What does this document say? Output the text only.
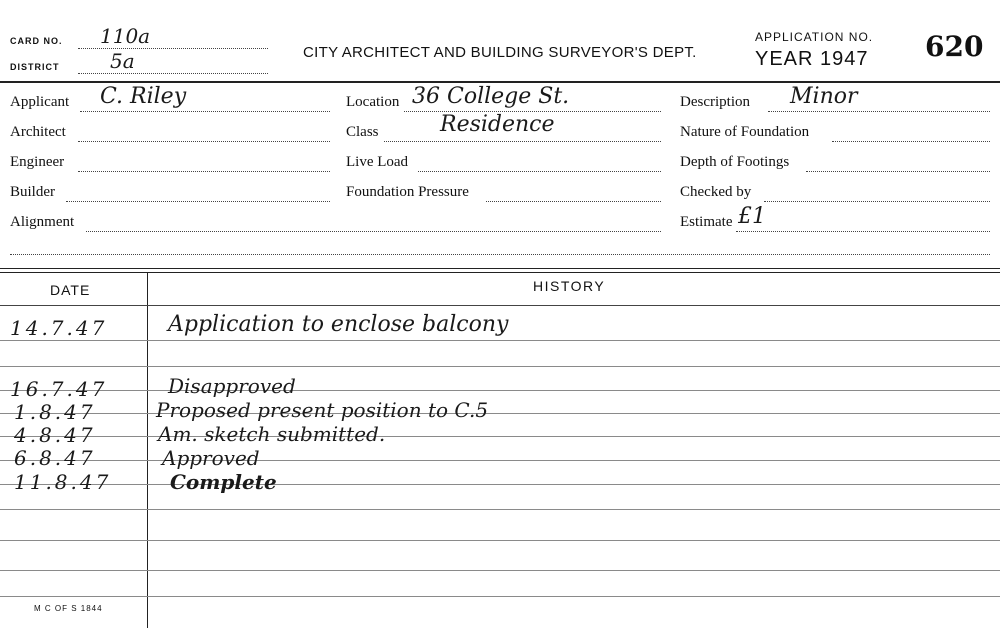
CARD NO. 110a
DISTRICT	5a	CITY ARCHITECT AND BUILDING SURVEYOR'S DEPT.
APPLICATION NO.
YEAR 1947 620
Applicant C. Riley
Architect
Engineer
Builder
Alignment
Location 36 College St.
Class	Residence
Live Load
Foundation Pressure
Description Minor
Nature of Foundation
Depth of Footings
Checked by
Estimate £1
DATE	HISTORY
14.7.47	Application to enclose balcony
16.7.47	Disapproved
1.8.47	Proposed present position to C.5
4.8.47	Am. sketch submitted.
6.8.47	Approved
11.8.47	Complete
M C OF S 1844
